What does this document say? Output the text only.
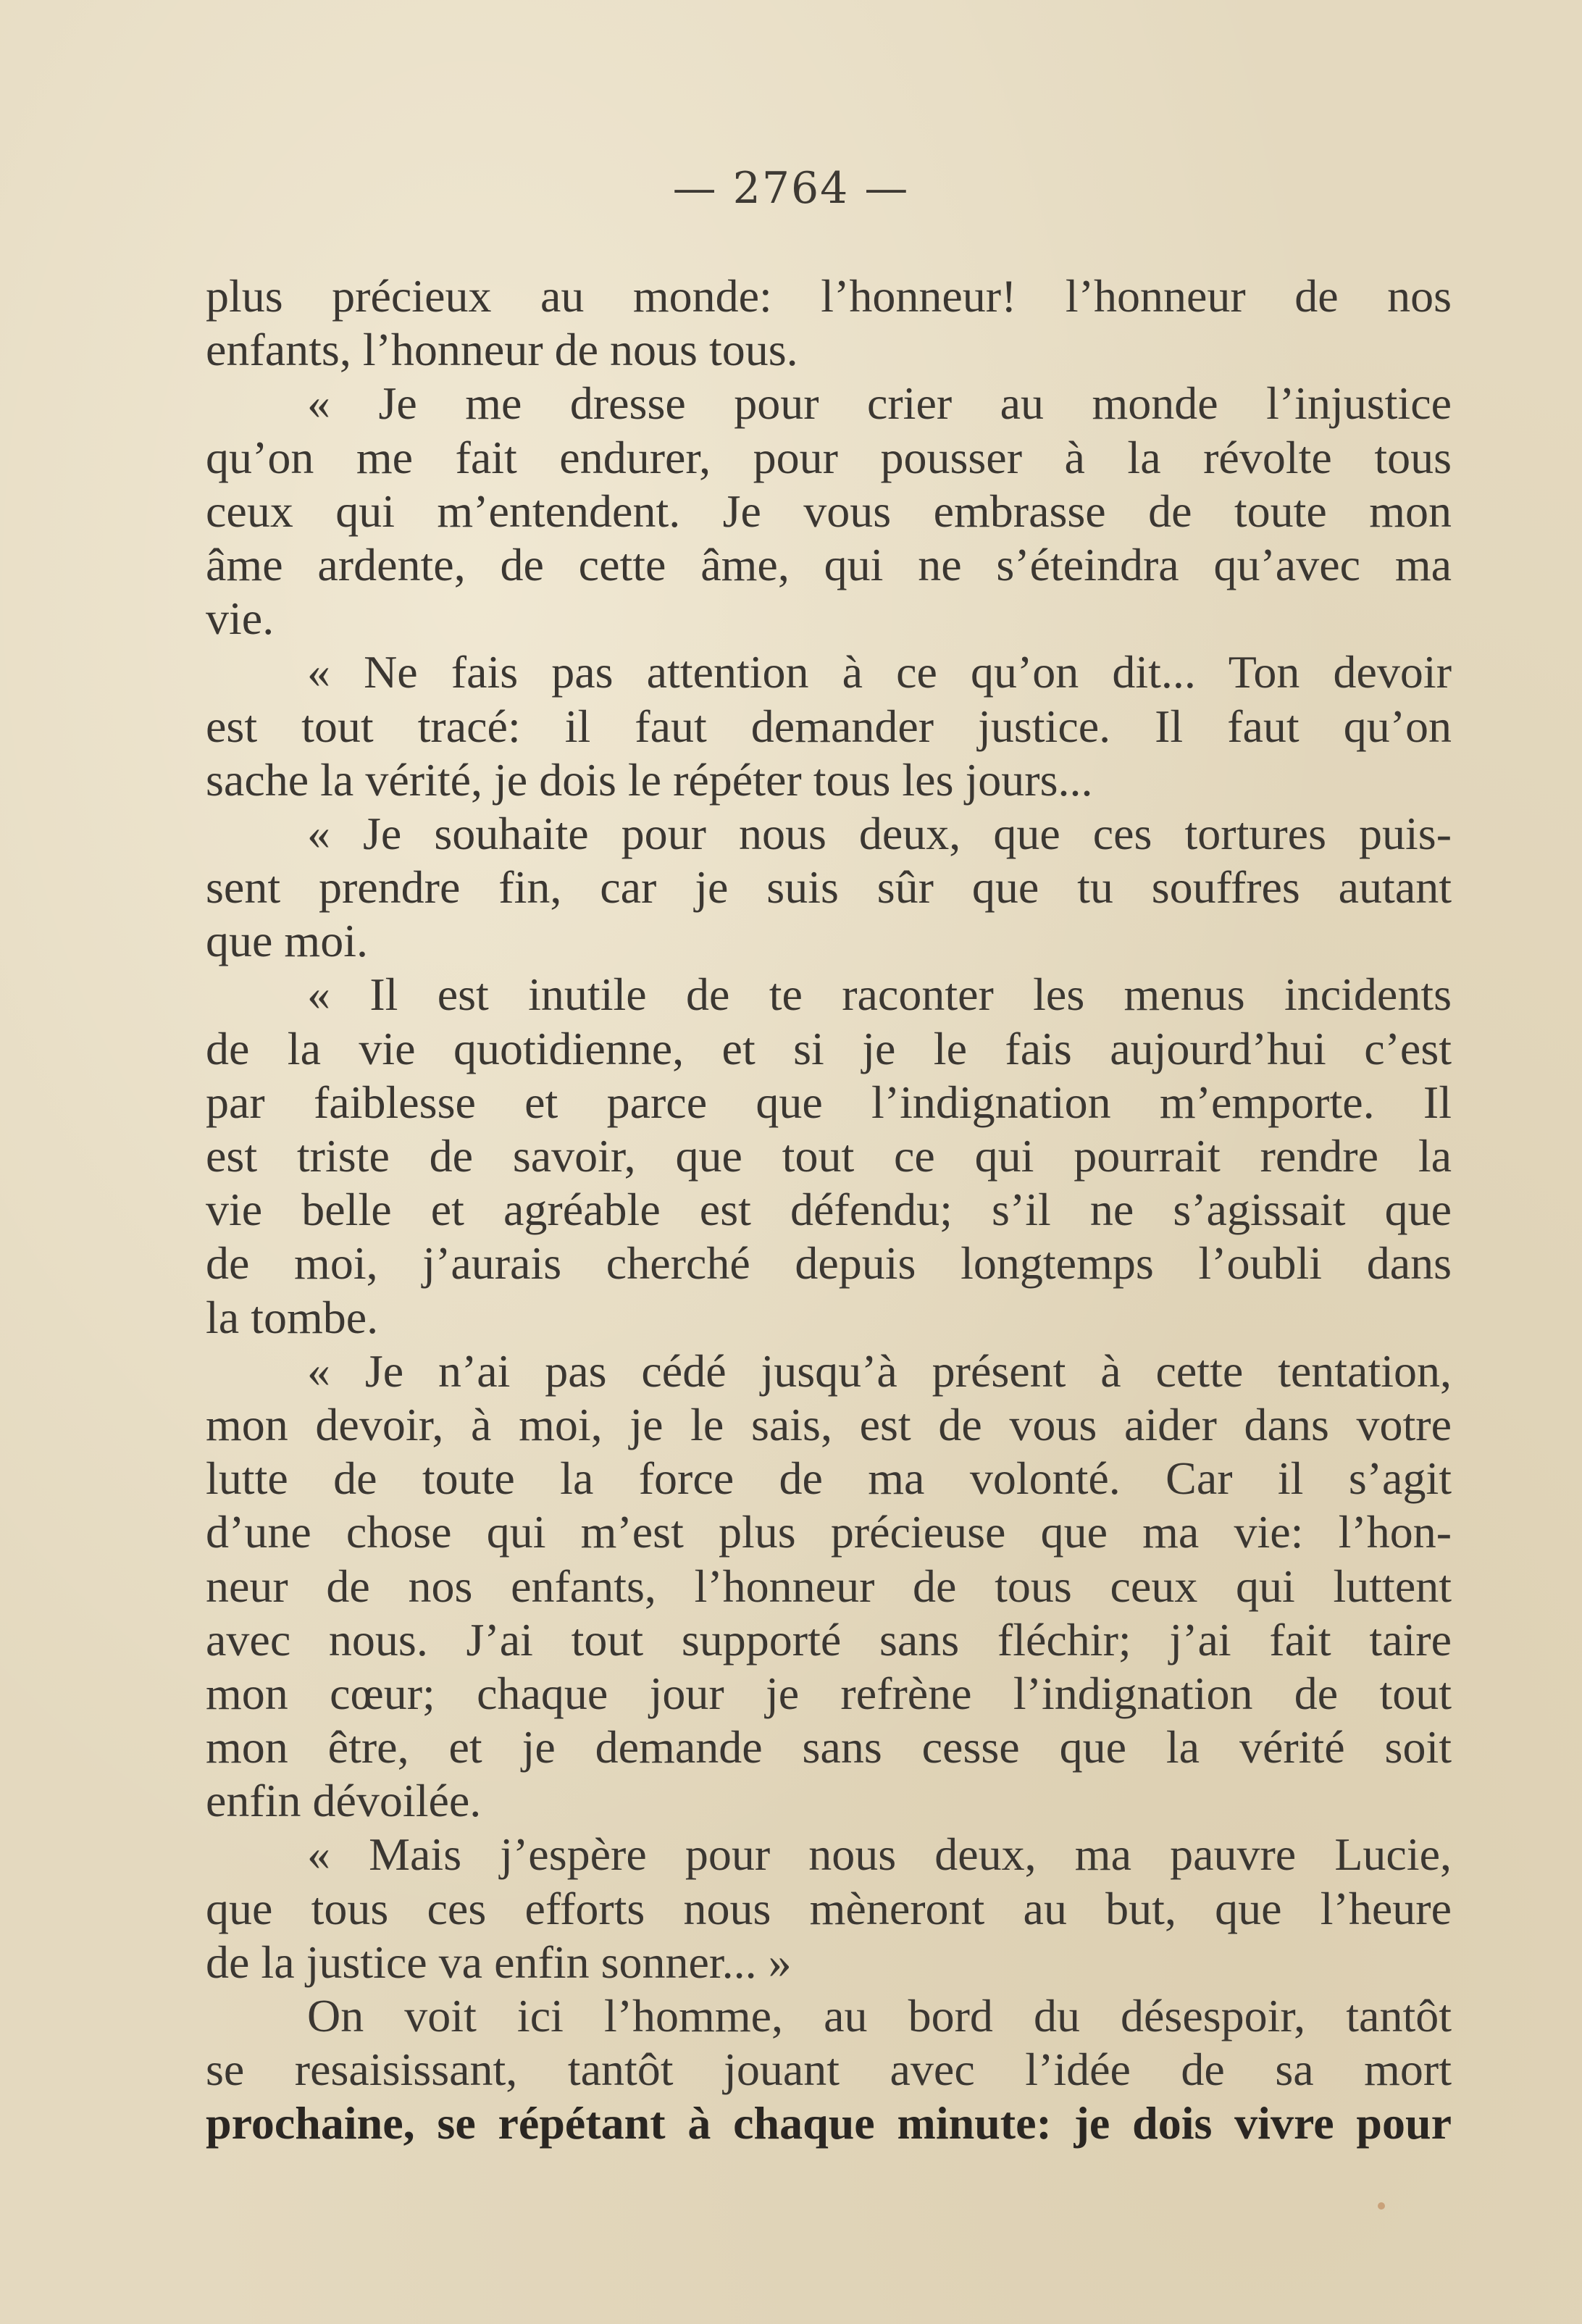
— 2764 —
plus précieux au monde: l’honneur! l’honneur de nos
enfants, l’honneur de nous tous.
« Je me dresse pour crier au monde l’injustice
qu’on me fait endurer, pour pousser à la révolte tous
ceux qui m’entendent. Je vous embrasse de toute mon
âme ardente, de cette âme, qui ne s’éteindra qu’avec ma
vie.
« Ne fais pas attention à ce qu’on dit... Ton devoir
est tout tracé: il faut demander justice. Il faut qu’on
sache la vérité, je dois le répéter tous les jours...
« Je souhaite pour nous deux, que ces tortures puis-
sent prendre fin, car je suis sûr que tu souffres autant
que moi.
« Il est inutile de te raconter les menus incidents
de la vie quotidienne, et si je le fais aujourd’hui c’est
par faiblesse et parce que l’indignation m’emporte. Il
est triste de savoir, que tout ce qui pourrait rendre la
vie belle et agréable est défendu; s’il ne s’agissait que
de moi, j’aurais cherché depuis longtemps l’oubli dans
la tombe.
« Je n’ai pas cédé jusqu’à présent à cette tentation,
mon devoir, à moi, je le sais, est de vous aider dans votre
lutte de toute la force de ma volonté. Car il s’agit
d’une chose qui m’est plus précieuse que ma vie: l’hon-
neur de nos enfants, l’honneur de tous ceux qui luttent
avec nous. J’ai tout supporté sans fléchir; j’ai fait taire
mon cœur; chaque jour je refrène l’indignation de tout
mon être, et je demande sans cesse que la vérité soit
enfin dévoilée.
« Mais j’espère pour nous deux, ma pauvre Lucie,
que tous ces efforts nous mèneront au but, que l’heure
de la justice va enfin sonner... »
On voit ici l’homme, au bord du désespoir, tantôt
se resaisissant, tantôt jouant avec l’idée de sa mort
prochaine, se répétant à chaque minute: je dois vivre pour
